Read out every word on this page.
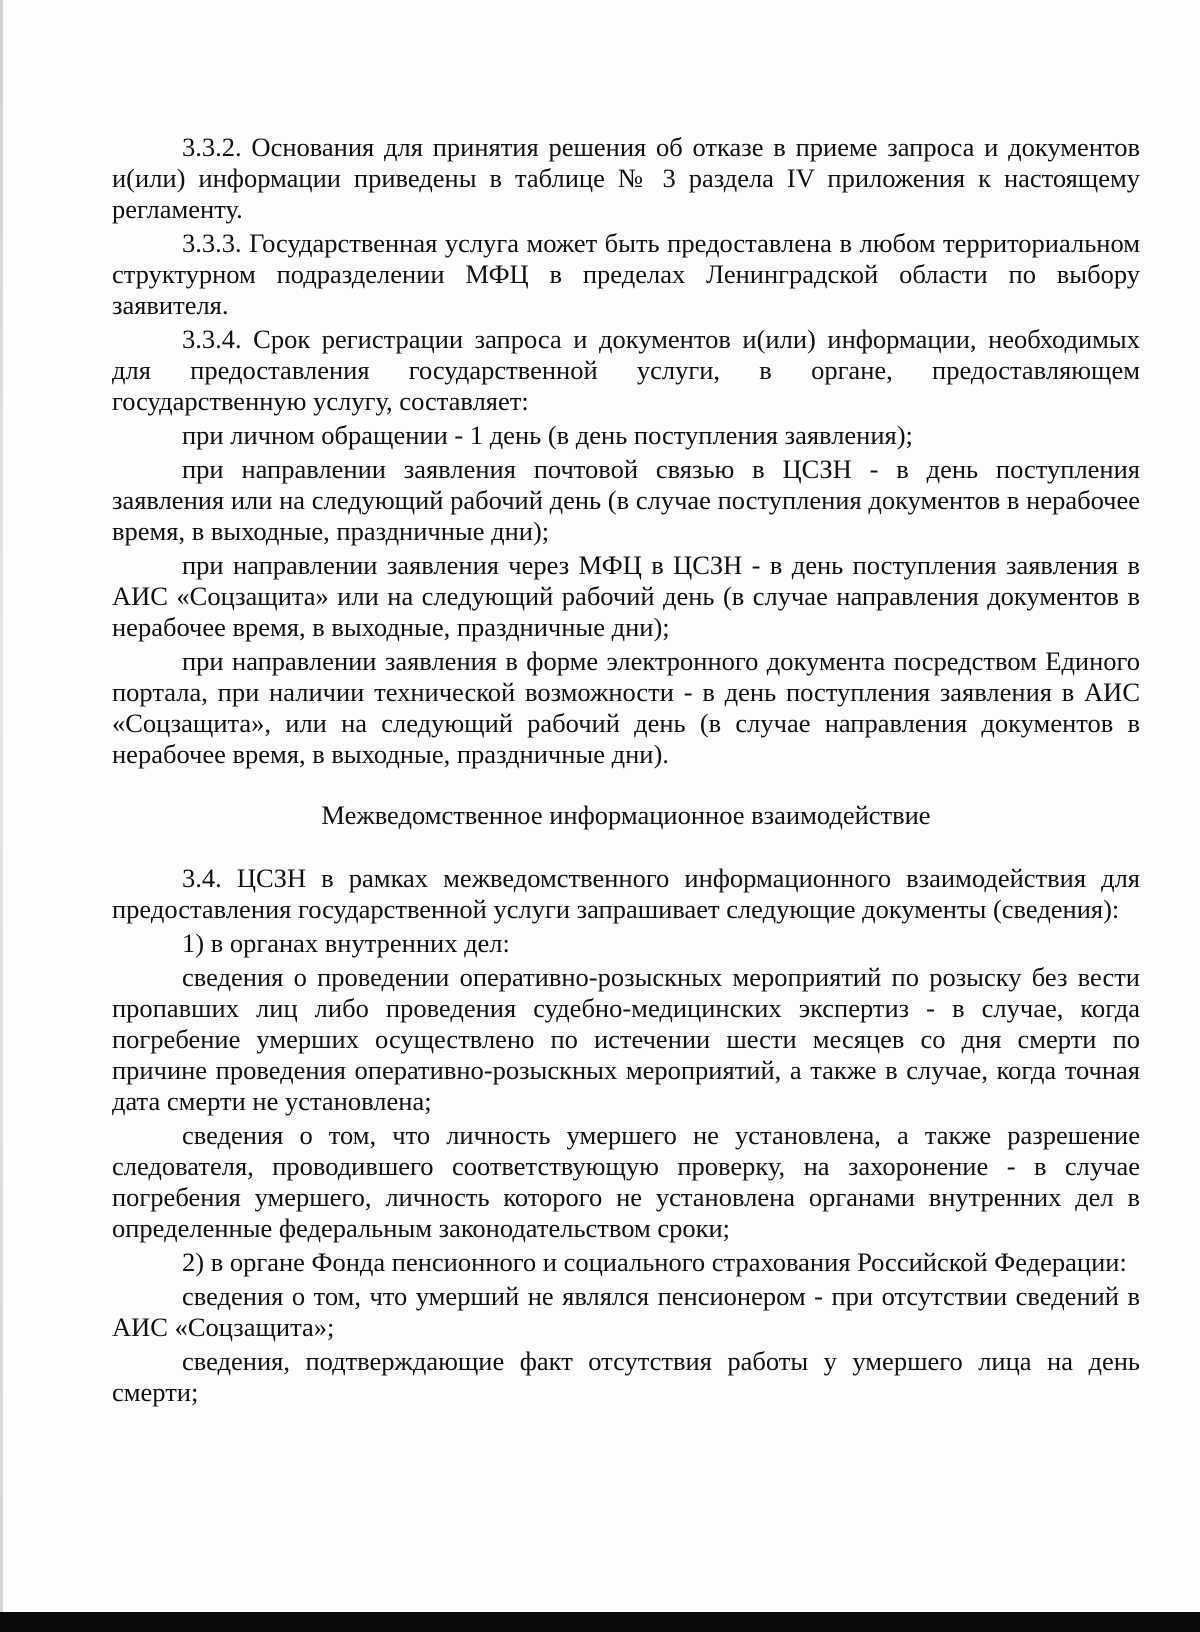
3.3.2. Основания для принятия решения об отказе в приеме запроса и документов и(или) информации приведены в таблице № 3 раздела IV приложения к настоящему регламенту.

3.3.3. Государственная услуга может быть предоставлена в любом территориальном структурном подразделении МФЦ в пределах Ленинградской области по выбору заявителя.

3.3.4. Срок регистрации запроса и документов и(или) информации, необходимых для предоставления государственной услуги, в органе, предоставляющем государственную услугу, составляет:

при личном обращении - 1 день (в день поступления заявления);

при направлении заявления почтовой связью в ЦСЗН - в день поступления заявления или на следующий рабочий день (в случае поступления документов в нерабочее время, в выходные, праздничные дни);

при направлении заявления через МФЦ в ЦСЗН - в день поступления заявления в АИС «Соцзащита» или на следующий рабочий день (в случае направления документов в нерабочее время, в выходные, праздничные дни);

при направлении заявления в форме электронного документа посредством Единого портала, при наличии технической возможности - в день поступления заявления в АИС «Соцзащита», или на следующий рабочий день (в случае направления документов в нерабочее время, в выходные, праздничные дни).

Межведомственное информационное взаимодействие

3.4. ЦСЗН в рамках межведомственного информационного взаимодействия для предоставления государственной услуги запрашивает следующие документы (сведения):

1) в органах внутренних дел:

сведения о проведении оперативно-розыскных мероприятий по розыску без вести пропавших лиц либо проведения судебно-медицинских экспертиз - в случае, когда погребение умерших осуществлено по истечении шести месяцев со дня смерти по причине проведения оперативно-розыскных мероприятий, а также в случае, когда точная дата смерти не установлена;

сведения о том, что личность умершего не установлена, а также разрешение следователя, проводившего соответствующую проверку, на захоронение - в случае погребения умершего, личность которого не установлена органами внутренних дел в определенные федеральным законодательством сроки;

2) в органе Фонда пенсионного и социального страхования Российской Федерации:

сведения о том, что умерший не являлся пенсионером - при отсутствии сведений в АИС «Соцзащита»;

сведения, подтверждающие факт отсутствия работы у умершего лица на день смерти;
